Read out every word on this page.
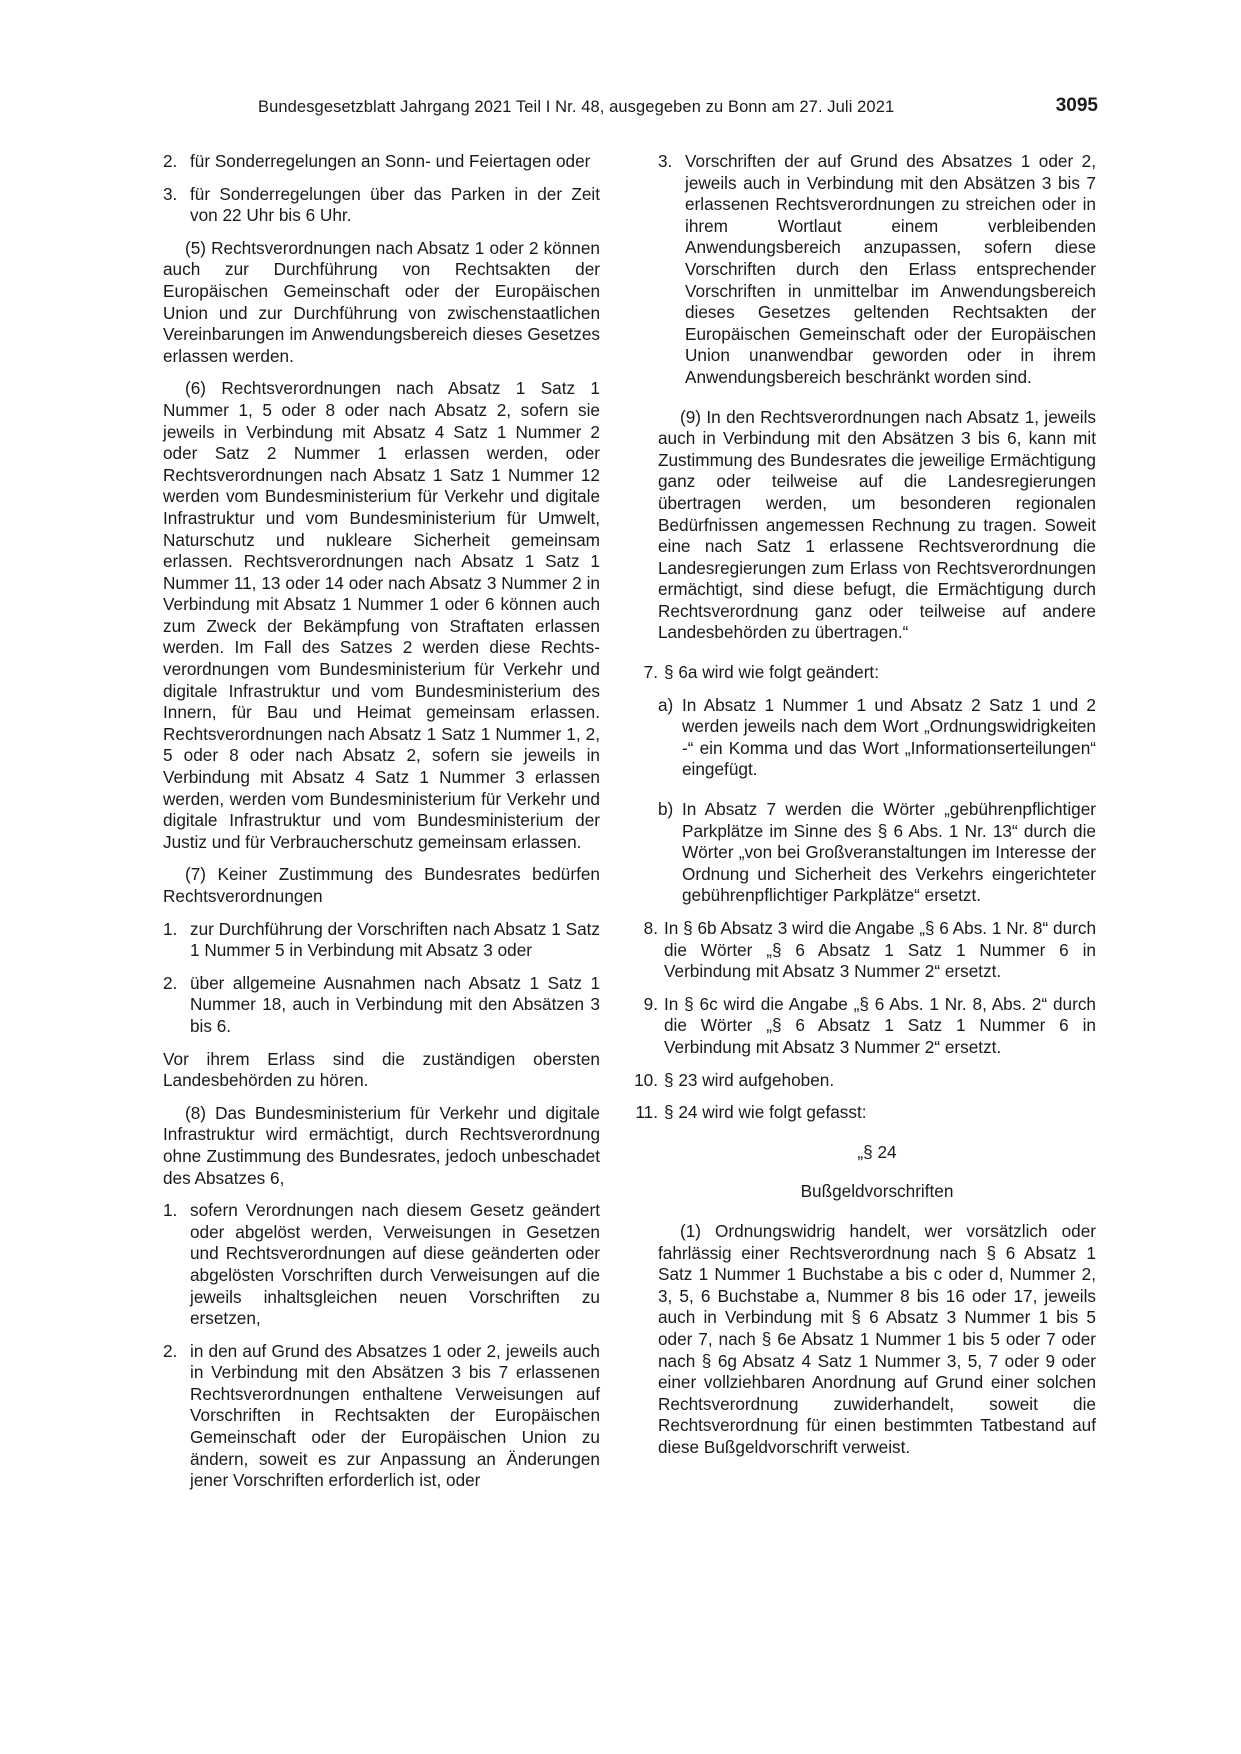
Bundesgesetzblatt Jahrgang 2021 Teil I Nr. 48, ausgegeben zu Bonn am 27. Juli 2021	3095
2. für Sonderregelungen an Sonn- und Feiertagen oder
3. für Sonderregelungen über das Parken in der Zeit von 22 Uhr bis 6 Uhr.

(5) Rechtsverordnungen nach Absatz 1 oder 2 können auch zur Durchführung von Rechtsakten der Europäischen Gemeinschaft oder der Europäischen Union und zur Durchführung von zwischenstaatlichen Vereinbarungen im Anwendungsbereich dieses Gesetzes erlassen werden.

(6) Rechtsverordnungen nach Absatz 1 Satz 1 Nummer 1, 5 oder 8 oder nach Absatz 2, sofern sie jeweils in Verbindung mit Absatz 4 Satz 1 Nummer 2 oder Satz 2 Nummer 1 erlassen werden, oder Rechtsverordnungen nach Absatz 1 Satz 1 Nummer 12 werden vom Bundesministerium für Verkehr und digitale Infrastruktur und vom Bundesministerium für Umwelt, Naturschutz und nukleare Sicherheit gemeinsam erlassen. Rechtsverordnungen nach Absatz 1 Satz 1 Nummer 11, 13 oder 14 oder nach Absatz 3 Nummer 2 in Verbindung mit Absatz 1 Nummer 1 oder 6 können auch zum Zweck der Bekämpfung von Straftaten erlassen werden. Im Fall des Satzes 2 werden diese Rechtsverordnungen vom Bundesministerium für Verkehr und digitale Infrastruktur und vom Bundesministerium des Innern, für Bau und Heimat gemeinsam erlassen. Rechtsverordnungen nach Absatz 1 Satz 1 Nummer 1, 2, 5 oder 8 oder nach Absatz 2, sofern sie jeweils in Verbindung mit Absatz 4 Satz 1 Nummer 3 erlassen werden, werden vom Bundesministerium für Verkehr und digitale Infrastruktur und vom Bundesministerium der Justiz und für Verbraucherschutz gemeinsam erlassen.

(7) Keiner Zustimmung des Bundesrates bedürfen Rechtsverordnungen

1. zur Durchführung der Vorschriften nach Absatz 1 Satz 1 Nummer 5 in Verbindung mit Absatz 3 oder
2. über allgemeine Ausnahmen nach Absatz 1 Satz 1 Nummer 18, auch in Verbindung mit den Absätzen 3 bis 6.

Vor ihrem Erlass sind die zuständigen obersten Landesbehörden zu hören.

(8) Das Bundesministerium für Verkehr und digitale Infrastruktur wird ermächtigt, durch Rechtsverordnung ohne Zustimmung des Bundesrates, jedoch unbeschadet des Absatzes 6,

1. sofern Verordnungen nach diesem Gesetz geändert oder abgelöst werden, Verweisungen in Gesetzen und Rechtsverordnungen auf diese geänderten oder abgelösten Vorschriften durch Verweisungen auf die jeweils inhaltsgleichen neuen Vorschriften zu ersetzen,
2. in den auf Grund des Absatzes 1 oder 2, jeweils auch in Verbindung mit den Absätzen 3 bis 7 erlassenen Rechtsverordnungen enthaltene Verweisungen auf Vorschriften in Rechtsakten der Europäischen Gemeinschaft oder der Europäischen Union zu ändern, soweit es zur Anpassung an Änderungen jener Vorschriften erforderlich ist, oder
3. Vorschriften der auf Grund des Absatzes 1 oder 2, jeweils auch in Verbindung mit den Absätzen 3 bis 7 erlassenen Rechtsverordnungen zu streichen oder in ihrem Wortlaut einem verbleibenden Anwendungsbereich anzupassen, sofern diese Vorschriften durch den Erlass entsprechender Vorschriften in unmittelbar im Anwendungsbereich dieses Gesetzes geltenden Rechtsakten der Europäischen Gemeinschaft oder der Europäischen Union unanwendbar geworden oder in ihrem Anwendungsbereich beschränkt worden sind.

(9) In den Rechtsverordnungen nach Absatz 1, jeweils auch in Verbindung mit den Absätzen 3 bis 6, kann mit Zustimmung des Bundesrates die jeweilige Ermächtigung ganz oder teilweise auf die Landesregierungen übertragen werden, um besonderen regionalen Bedürfnissen angemessen Rechnung zu tragen. Soweit eine nach Satz 1 erlassene Rechtsverordnung die Landesregierungen zum Erlass von Rechtsverordnungen ermächtigt, sind diese befugt, die Ermächtigung durch Rechtsverordnung ganz oder teilweise auf andere Landesbehörden zu übertragen.“

7. § 6a wird wie folgt geändert:
a) In Absatz 1 Nummer 1 und Absatz 2 Satz 1 und 2 werden jeweils nach dem Wort „Ordnungswidrigkeiten -“ ein Komma und das Wort „Informationserteilungen“ eingefügt.
b) In Absatz 7 werden die Wörter „gebührenpflichtiger Parkplätze im Sinne des § 6 Abs. 1 Nr. 13“ durch die Wörter „von bei Großveranstaltungen im Interesse der Ordnung und Sicherheit des Verkehrs eingerichteter gebührenpflichtiger Parkplätze“ ersetzt.
8. In § 6b Absatz 3 wird die Angabe „§ 6 Abs. 1 Nr. 8“ durch die Wörter „§ 6 Absatz 1 Satz 1 Nummer 6 in Verbindung mit Absatz 3 Nummer 2“ ersetzt.
9. In § 6c wird die Angabe „§ 6 Abs. 1 Nr. 8, Abs. 2“ durch die Wörter „§ 6 Absatz 1 Satz 1 Nummer 6 in Verbindung mit Absatz 3 Nummer 2“ ersetzt.
10. § 23 wird aufgehoben.
11. § 24 wird wie folgt gefasst:
„§ 24
Bußgeldvorschriften

(1) Ordnungswidrig handelt, wer vorsätzlich oder fahrlässig einer Rechtsverordnung nach § 6 Absatz 1 Satz 1 Nummer 1 Buchstabe a bis c oder d, Nummer 2, 3, 5, 6 Buchstabe a, Nummer 8 bis 16 oder 17, jeweils auch in Verbindung mit § 6 Absatz 3 Nummer 1 bis 5 oder 7, nach § 6e Absatz 1 Nummer 1 bis 5 oder 7 oder nach § 6g Absatz 4 Satz 1 Nummer 3, 5, 7 oder 9 oder einer vollziehbaren Anordnung auf Grund einer solchen Rechtsverordnung zuwiderhandelt, soweit die Rechtsverordnung für einen bestimmten Tatbestand auf diese Bußgeldvorschrift verweist.
